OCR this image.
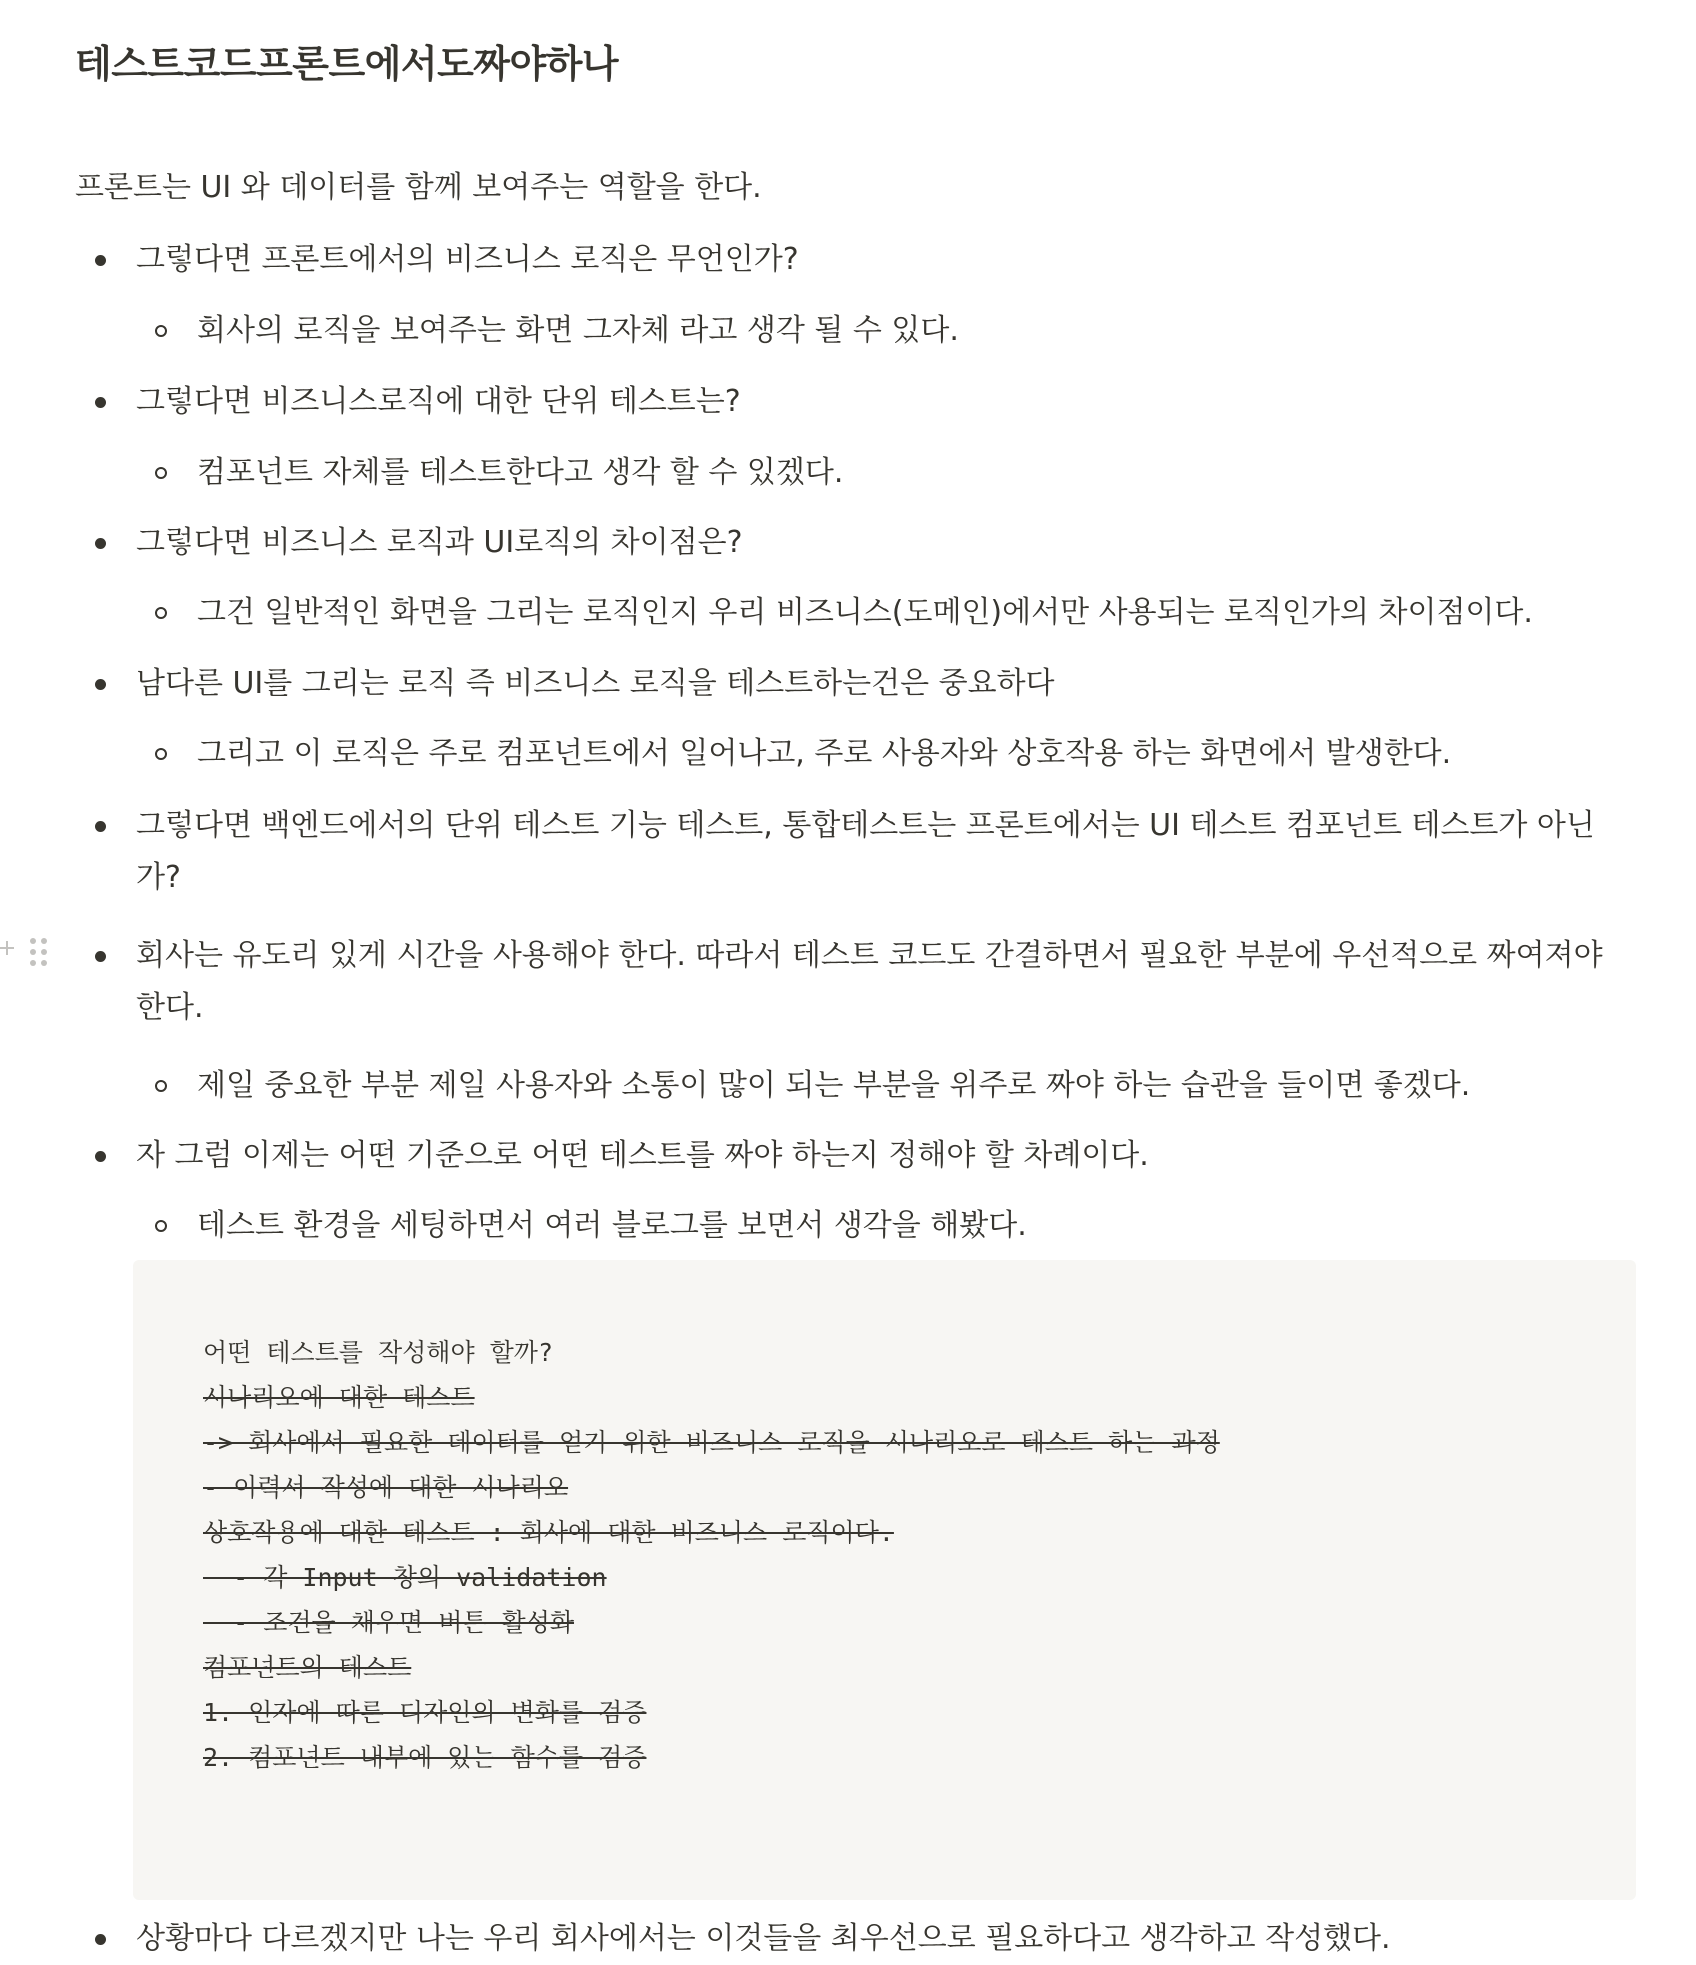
테스트코드프론트에서도짜야하나

프론트는 UI 와 데이터를 함께 보여주는 역할을 한다.

그렇다면 프론트에서의 비즈니스 로직은 무언인가?
회사의 로직을 보여주는 화면 그자체 라고 생각 될 수 있다.
그렇다면 비즈니스로직에 대한 단위 테스트는?
컴포넌트 자체를 테스트한다고 생각 할 수 있겠다.
그렇다면 비즈니스 로직과 UI로직의 차이점은?
그건 일반적인 화면을 그리는 로직인지 우리 비즈니스(도메인)에서만 사용되는 로직인가의 차이점이다.
남다른 UI를 그리는 로직 즉 비즈니스 로직을 테스트하는건은 중요하다
그리고 이 로직은 주로 컴포넌트에서 일어나고, 주로 사용자와 상호작용 하는 화면에서 발생한다.
그렇다면 백엔드에서의 단위 테스트 기능 테스트, 통합테스트는 프론트에서는 UI 테스트 컴포넌트 테스트가 아닌가?
회사는 유도리 있게 시간을 사용해야 한다. 따라서 테스트 코드도 간결하면서 필요한 부분에 우선적으로 짜여져야 한다.
제일 중요한 부분 제일 사용자와 소통이 많이 되는 부분을 위주로 짜야 하는 습관을 들이면 좋겠다.
자 그럼 이제는 어떤 기준으로 어떤 테스트를 짜야 하는지 정해야 할 차례이다.
테스트 환경을 세팅하면서 여러 블로그를 보면서 생각을 해봤다.
어떤 테스트를 작성해야 할까?
시나리오에 대한 테스트
-> 회사에서 필요한 데이터를 얻기 위한 비즈니스 로직을 시나리오로 테스트 하는 과정
- 이력서 작성에 대한 시나리오
상호작용에 대한 테스트 : 회사에 대한 비즈니스 로직이다.
- 각 Input 창의 validation
- 조건을 채우면 버튼 활성화
컴포넌트의 테스트
1. 인자에 따른 디자인의 변화를 검증
2. 컴포넌트 내부에 있는 함수를 검증
상황마다 다르겠지만 나는 우리 회사에서는 이것들을 최우선으로 필요하다고 생각하고 작성했다.
